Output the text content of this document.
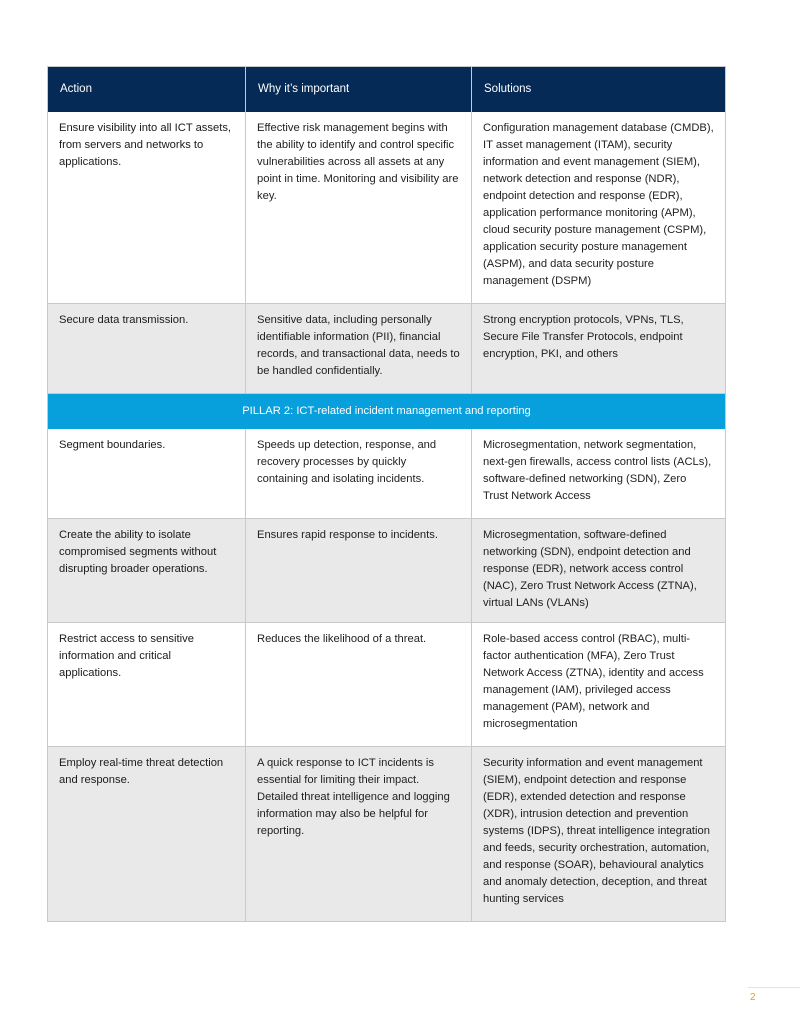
Action	Why it’s important	Solutions
Ensure visibility into all ICT assets, from servers and networks to applications.	Effective risk management begins with the ability to identify and control specific vulnerabilities across all assets at any point in time. Monitoring and visibility are key.	Configuration management database (CMDB), IT asset management (ITAM), security information and event management (SIEM), network detection and response (NDR), endpoint detection and response (EDR), application performance monitoring (APM), cloud security posture management (CSPM), application security posture management (ASPM), and data security posture management (DSPM)
Secure data transmission.	Sensitive data, including personally identifiable information (PII), financial records, and transactional data, needs to be handled confidentially.	Strong encryption protocols, VPNs, TLS, Secure File Transfer Protocols, endpoint encryption, PKI, and others
PILLAR 2: ICT-related incident management and reporting		
Segment boundaries.	Speeds up detection, response, and recovery processes by quickly containing and isolating incidents.	Microsegmentation, network segmentation, next-gen firewalls, access control lists (ACLs), software-defined networking (SDN), Zero Trust Network Access
Create the ability to isolate compromised segments without disrupting broader operations.	Ensures rapid response to incidents.	Microsegmentation, software-defined networking (SDN), endpoint detection and response (EDR), network access control (NAC), Zero Trust Network Access (ZTNA), virtual LANs (VLANs)
Restrict access to sensitive information and critical applications.	Reduces the likelihood of a threat.	Role-based access control (RBAC), multi-factor authentication (MFA), Zero Trust Network Access (ZTNA), identity and access management (IAM), privileged access management (PAM), network and microsegmentation
Employ real-time threat detection and response.	A quick response to ICT incidents is essential for limiting their impact. Detailed threat intelligence and logging information may also be helpful for reporting.	Security information and event management (SIEM), endpoint detection and response (EDR), extended detection and response (XDR), intrusion detection and prevention systems (IDPS), threat intelligence integration and feeds, security orchestration, automation, and response (SOAR), behavioural analytics and anomaly detection, deception, and threat hunting services
2
